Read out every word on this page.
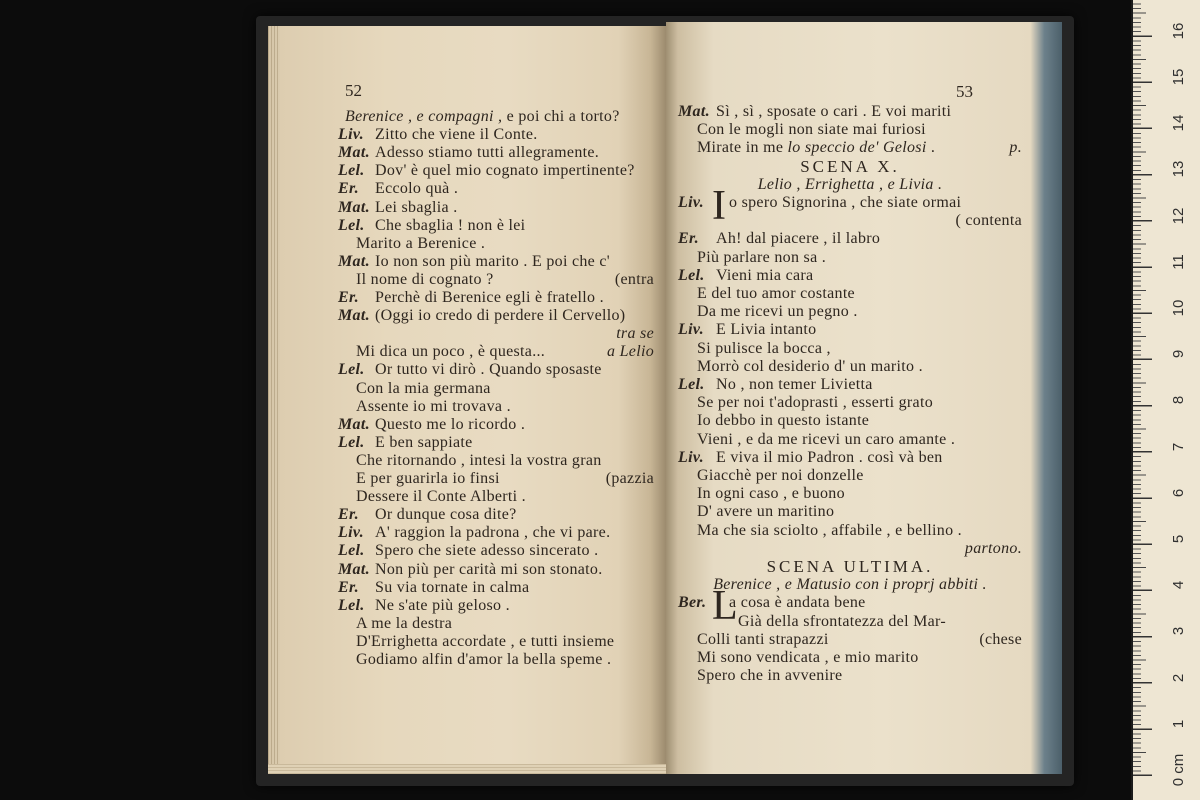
52
Berenice , e compagni , e poi chi a torto?
Liv. Zitto che viene il Conte.
Mat. Adesso stiamo tutti allegramente.
Lel. Dov' è quel mio cognato impertinente?
Er. Eccolo quà .
Mat. Lei sbaglia .
Lel. Che sbaglia ! non è lei
Marito a Berenice .
Mat. Io non son più marito . E poi che c'
Il nome di cognato ?	(entra
Er. Perchè di Berenice egli è fratello .
Mat. (Oggi io credo di perdere il Cervello)
tra se
Mi dica un poco , è questa...	a Lelio
Lel. Or tutto vi dirò . Quando sposaste
Con la mia germana
Assente io mi trovava .
Mat. Questo me lo ricordo .
Lel. E ben sappiate
Che ritornando , intesi la vostra gran
E per guarirla io finsi	(pazzia
Dessere il Conte Alberti .
Er. Or dunque cosa dite?
Liv. A' raggion la padrona , che vi pare.
Lel. Spero che siete adesso sincerato .
Mat. Non più per carità mi son stonato.
Er. Su via tornate in calma
Lel. Ne s'ate più geloso .
A me la destra
D'Errighetta accordate , e tutti insieme
Godiamo alfin d'amor la bella speme .
53
Mat. Sì , sì , sposate o cari . E voi mariti
Con le mogli non siate mai furiosi
Mirate in me lo speccio de' Gelosi .	p.
SCENA X.
Lelio , Errighetta , e Livia .
Liv. I o spero Signorina , che siate ormai
( contenta
Er. Ah! dal piacere , il labro
Più parlare non sa .
Lel. Vieni mia cara
E del tuo amor costante
Da me ricevi un pegno .
Liv. E Livia intanto
Si pulisce la bocca ,
Morrò col desiderio d' un marito .
Lel. No , non temer Livietta
Se per noi t'adoprasti , esserti grato
Io debbo in questo istante
Vieni , e da me ricevi un caro amante .
Liv. E viva il mio Padron . così và ben
Giacchè per noi donzelle
In ogni caso , e buono
D' avere un maritino
Ma che sia sciolto , affabile , e bellino .
partono.
SCENA ULTIMA.
Berenice , e Matusio con i proprj abbiti .
Ber. L
a cosa è andata bene
Già della sfrontatezza del Mar-
Colli tanti strapazzi	(chese
Mi sono vendicata , e mio marito
Spero che in avvenire
0 cm
1
2
3
4
5
6
7
8
9
10
11
12
13
14
15
16
